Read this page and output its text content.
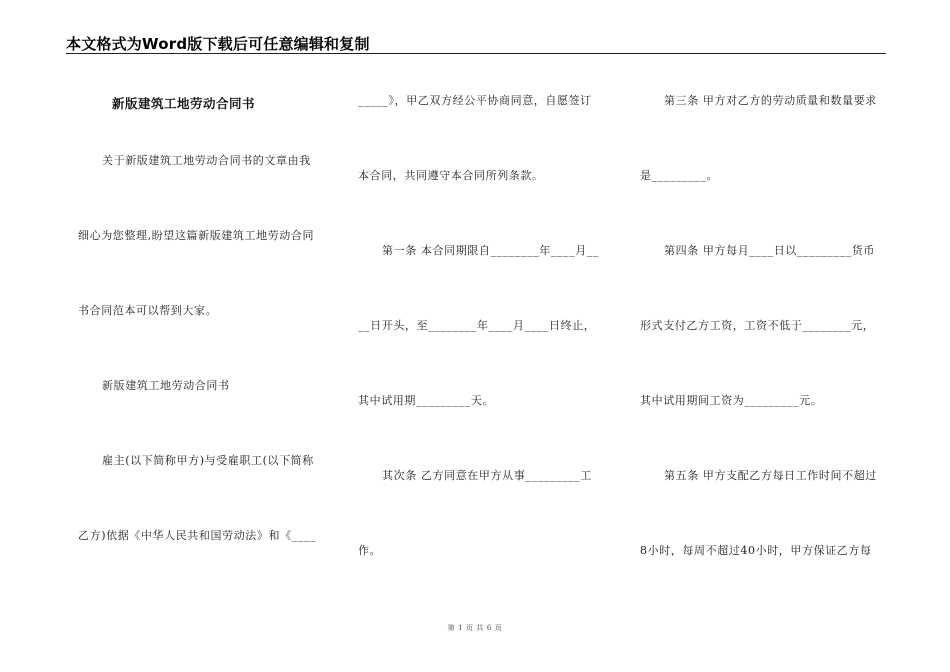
本文格式为Word版下载后可任意编辑和复制
新版建筑工地劳动合同书
关于新版建筑工地劳动合同书的文章由我
细心为您整理,盼望这篇新版建筑工地劳动合同
书合同范本可以帮到大家。
新版建筑工地劳动合同书
雇主(以下简称甲方)与受雇职工(以下简称
乙方)依据《中华人民共和国劳动法》和《____
_____》，甲乙双方经公平协商同意，自愿签订
本合同，共同遵守本合同所列条款。
第一条 本合同期限自________年____月__
__日开头，至________年____月____日终止，
其中试用期_________天。
其次条 乙方同意在甲方从事_________工
作。
第三条 甲方对乙方的劳动质量和数量要求
是_________。
第四条 甲方每月____日以_________货币
形式支付乙方工资，工资不低于________元，
其中试用期间工资为_________元。
第五条 甲方支配乙方每日工作时间不超过
8小时，每周不超过40小时，甲方保证乙方每
第 1 页 共 6 页
